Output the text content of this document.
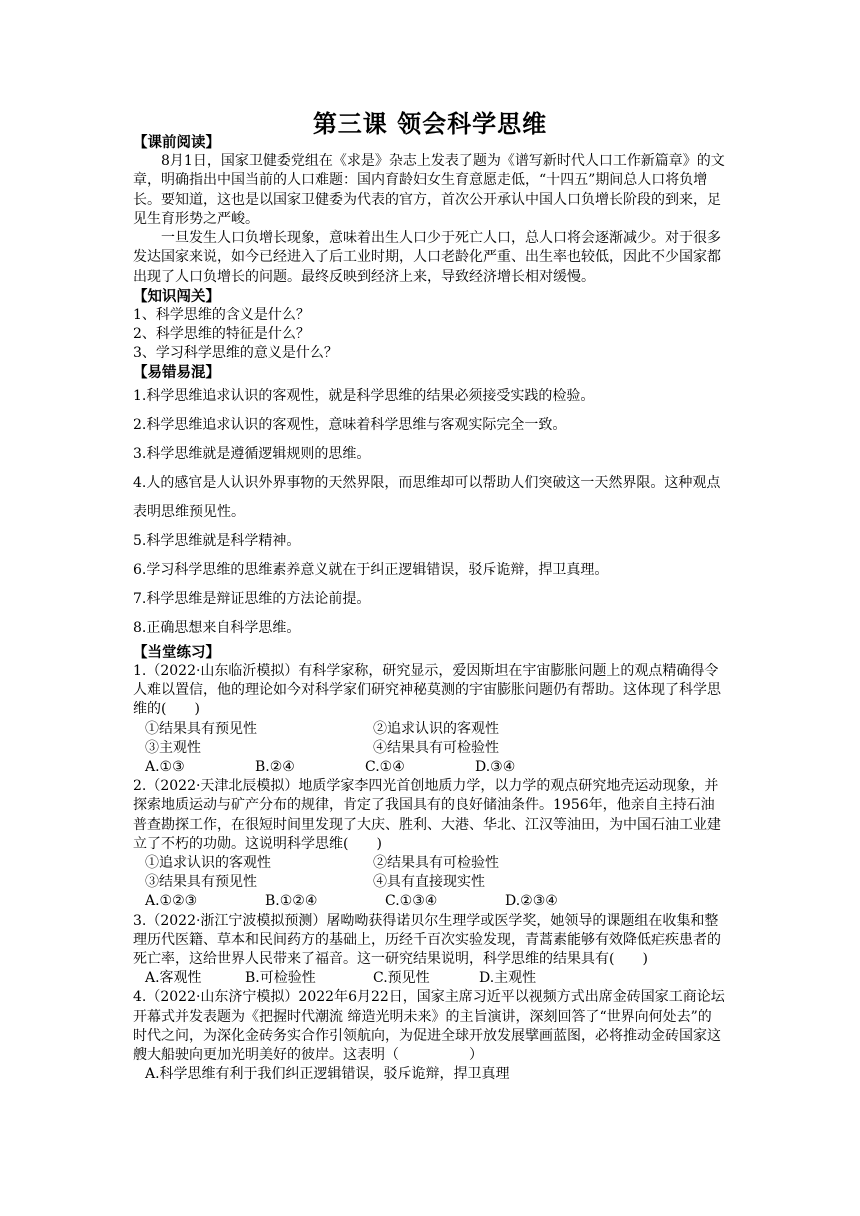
第三课 领会科学思维
【课前阅读】
8月1日，国家卫健委党组在《求是》杂志上发表了题为《谱写新时代人口工作新篇章》的文章，明确指出中国当前的人口难题：国内育龄妇女生育意愿走低，“十四五”期间总人口将负增长。要知道，这也是以国家卫健委为代表的官方，首次公开承认中国人口负增长阶段的到来，足见生育形势之严峻。
一旦发生人口负增长现象，意味着出生人口少于死亡人口，总人口将会逐渐减少。对于很多发达国家来说，如今已经进入了后工业时期，人口老龄化严重、出生率也较低，因此不少国家都出现了人口负增长的问题。最终反映到经济上来，导致经济增长相对缓慢。
【知识闯关】
1、科学思维的含义是什么？
2、科学思维的特征是什么？
3、学习科学思维的意义是什么？
【易错易混】
1.科学思维追求认识的客观性，就是科学思维的结果必须接受实践的检验。
2.科学思维追求认识的客观性，意味着科学思维与客观实际完全一致。
3.科学思维就是遵循逻辑规则的思维。
4.人的感官是人认识外界事物的天然界限，而思维却可以帮助人们突破这一天然界限。这种观点表明思维预见性。
5.科学思维就是科学精神。
6.学习科学思维的思维素养意义就在于纠正逻辑错误，驳斥诡辩，捍卫真理。
7.科学思维是辩证思维的方法论前提。
8.正确思想来自科学思维。
【当堂练习】
1.（2022·山东临沂模拟）有科学家称，研究显示，爱因斯坦在宇宙膨胀问题上的观点精确得令人难以置信，他的理论如今对科学家们研究神秘莫测的宇宙膨胀问题仍有帮助。这体现了科学思维的(　　)
①结果具有预见性	②追求认识的客观性
③主观性	④结果具有可检验性
A.①③	B.②④	C.①④	D.③④
2.（2022·天津北辰模拟）地质学家李四光首创地质力学，以力学的观点研究地壳运动现象，并探索地质运动与矿产分布的规律，肯定了我国具有的良好储油条件。1956年，他亲自主持石油普查勘探工作，在很短时间里发现了大庆、胜利、大港、华北、江汉等油田，为中国石油工业建立了不朽的功勋。这说明科学思维(　　)
①追求认识的客观性	②结果具有可检验性
③结果具有预见性	④具有直接现实性
A.①②③	B.①②④	C.①③④	D.②③④
3.（2022·浙江宁波模拟预测）屠呦呦获得诺贝尔生理学或医学奖，她领导的课题组在收集和整理历代医籍、草本和民间药方的基础上，历经千百次实验发现，青蒿素能够有效降低疟疾患者的死亡率，这给世界人民带来了福音。这一研究结果说明，科学思维的结果具有(　　)
A.客观性	B.可检验性	C.预见性	D.主观性
4.（2022·山东济宁模拟）2022年6月22日，国家主席习近平以视频方式出席金砖国家工商论坛开幕式并发表题为《把握时代潮流 缔造光明未来》的主旨演讲，深刻回答了“世界向何处去”的时代之问，为深化金砖务实合作引领航向，为促进全球开放发展擘画蓝图，必将推动金砖国家这艘大船驶向更加光明美好的彼岸。这表明（　　　　　）
A.科学思维有利于我们纠正逻辑错误，驳斥诡辩，捍卫真理
